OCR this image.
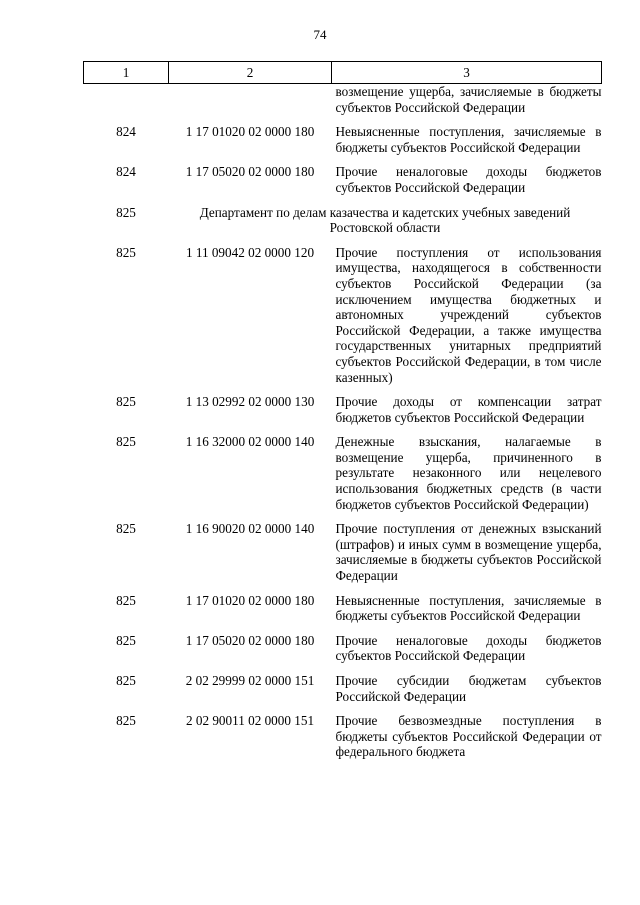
74
1	2	3
		возмещение ущерба, зачисляемые в бюджеты субъектов Российской Федерации
824	1 17 01020 02 0000 180	Невыясненные поступления, зачисляемые в бюджеты субъектов Российской Федерации
824	1 17 05020 02 0000 180	Прочие неналоговые доходы бюджетов субъектов Российской Федерации
825	Департамент по делам казачества и кадетских учебных заведений Ростовской области	
825	1 11 09042 02 0000 120	Прочие поступления от использования имущества, находящегося в собственности субъектов Российской Федерации (за исключением имущества бюджетных и автономных учреждений субъектов Российской Федерации, а также имущества государственных унитарных предприятий субъектов Российской Федерации, в том числе казенных)
825	1 13 02992 02 0000 130	Прочие доходы от компенсации затрат бюджетов субъектов Российской Федерации
825	1 16 32000 02 0000 140	Денежные взыскания, налагаемые в возмещение ущерба, причиненного в результате незаконного или нецелевого использования бюджетных средств (в части бюджетов субъектов Российской Федерации)
825	1 16 90020 02 0000 140	Прочие поступления от денежных взысканий (штрафов) и иных сумм в возмещение ущерба, зачисляемые в бюджеты субъектов Российской Федерации
825	1 17 01020 02 0000 180	Невыясненные поступления, зачисляемые в бюджеты субъектов Российской Федерации
825	1 17 05020 02 0000 180	Прочие неналоговые доходы бюджетов субъектов Российской Федерации
825	2 02 29999 02 0000 151	Прочие субсидии бюджетам субъектов Российской Федерации
825	2 02 90011 02 0000 151	Прочие безвозмездные поступления в бюджеты субъектов Российской Федерации от федерального бюджета
